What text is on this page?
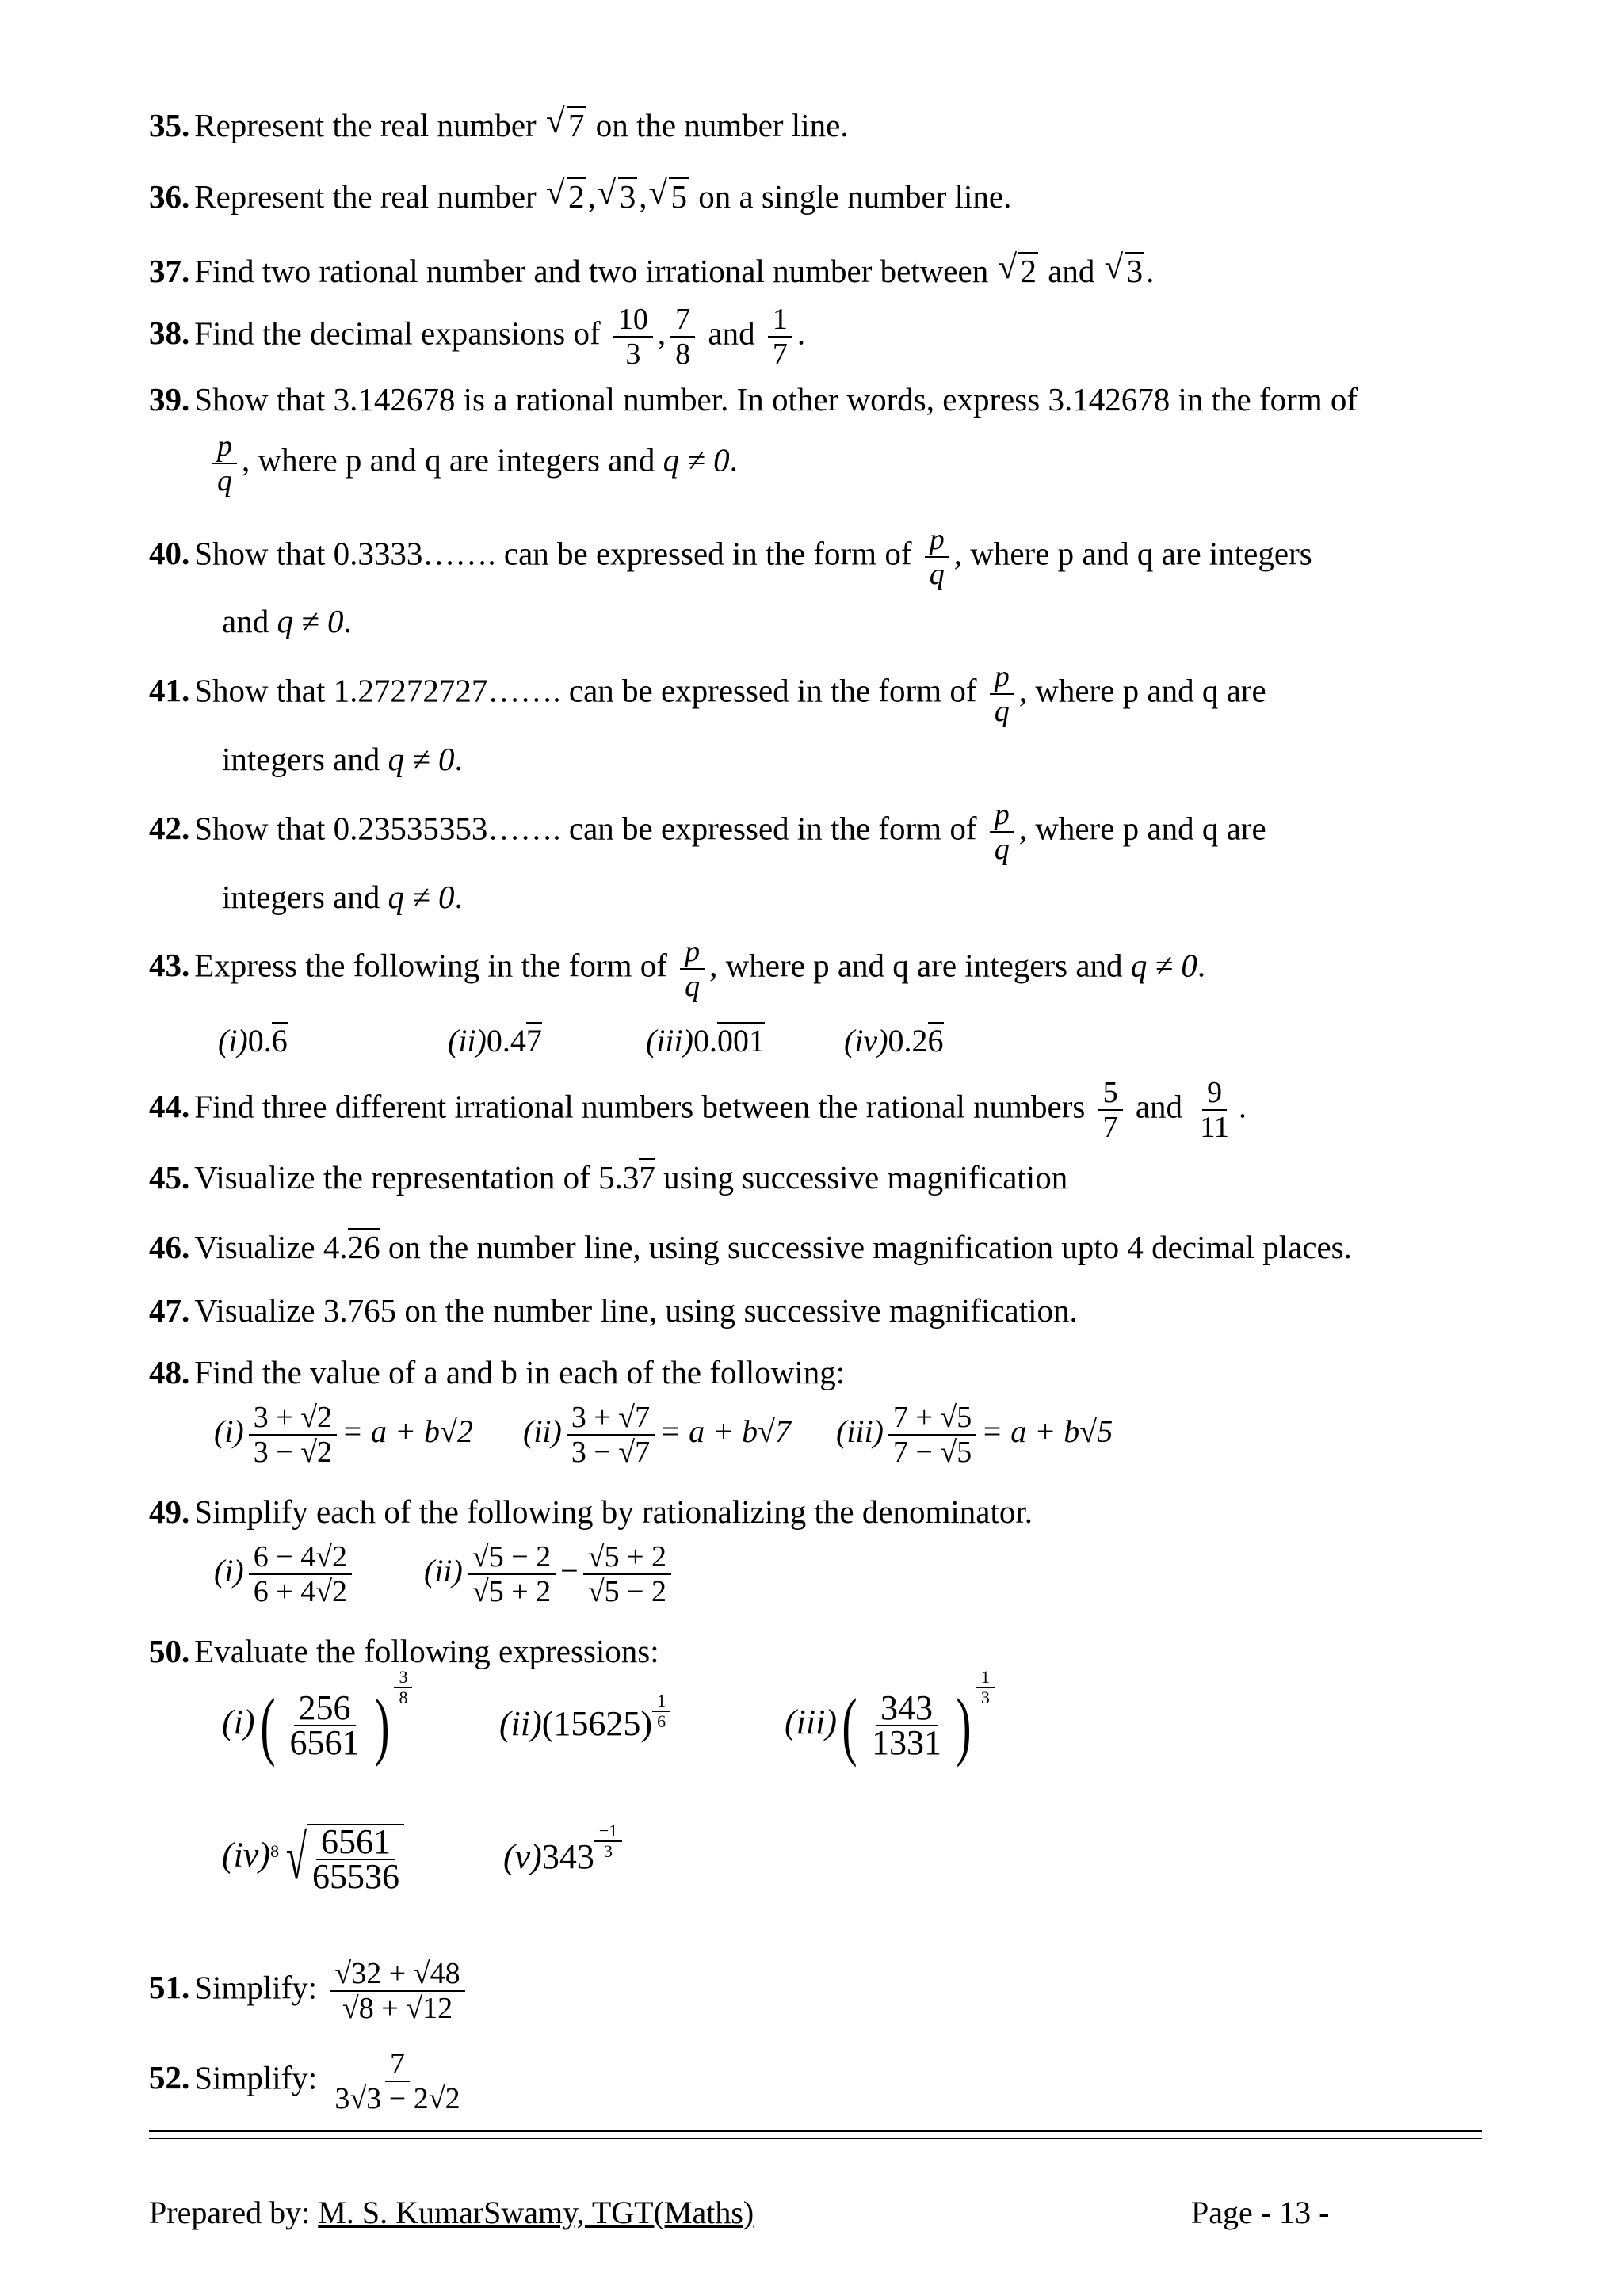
35. Represent the real number √ 7 on the number line.
36. Represent the real number √ 2, √ 3, √ 5 on a single number line.
37. Find two rational number and two irrational number between √ 2 and √ 3.
38. Find the decimal expansions of $\frac{10}{3}$ , $\frac{7}{8}$ and $\frac{1}{7}$ .
39. Show that 3.142678 is a rational number. In other words, express 3.142678 in the form of
$\frac{p}{q}$ , where p and q are integers and q ≠ 0.
40. Show that 0.3333……. can be expressed in the form of $\frac{p}{q}$ , where p and q are integers
and q ≠ 0.
41. Show that 1.27272727……. can be expressed in the form of $\frac{p}{q}$ , where p and q are
integers and q ≠ 0.
42. Show that 0.23535353……. can be expressed in the form of $\frac{p}{q}$ , where p and q are
integers and q ≠ 0.
43. Express the following in the form of $\frac{p}{q}$ , where p and q are integers and q ≠ 0.
(i)0.6	(ii)0.47	(iii)0.001	(iv)0.26
44. Find three different irrational numbers between the rational numbers $\frac{5}{7}$ and $\frac{9}{11}$ .
45. Visualize the representation of 5.37 using successive magnification
46. Visualize 4.26 on the number line, using successive magnification upto 4 decimal places.
47. Visualize 3.765 on the number line, using successive magnification.
48. Find the value of a and b in each of the following:
$(i) \frac{3 + √2}{3 - √2} = a + b√2$ $(ii) \frac{3 + √7}{3 - √7} = a + b√7$ $(iii) \frac{7 + √5}{7 - √5} = a + b√5$
49. Simplify each of the following by rationalizing the denominator.
$(i) \frac{6 - 4√2}{6 + 4√2} (ii) \frac{√5 - 2}{√5 + 2} - \frac{√5 + 2}{√5 - 2}$
50. Evaluate the following expressions:
$(i)( \frac{256}{6561}$ ) $\frac{3}{8}$
$(ii)(15625) \frac{1}{6}$	$(iii)( \frac{343}{1331}$ ) $\frac{1}{3}$
(iv)$^8$ √ $\frac{6561}{65536}$	$(v)343 \frac{-1}{3}$
51. Simplify: $\frac{√32 + √48}{√8 + √12}$
52. Simplify: $\frac{7}{3√3 - 2√2}$
Prepared by: M. S. KumarSwamy, TGT(Maths)	Page - 13 -
